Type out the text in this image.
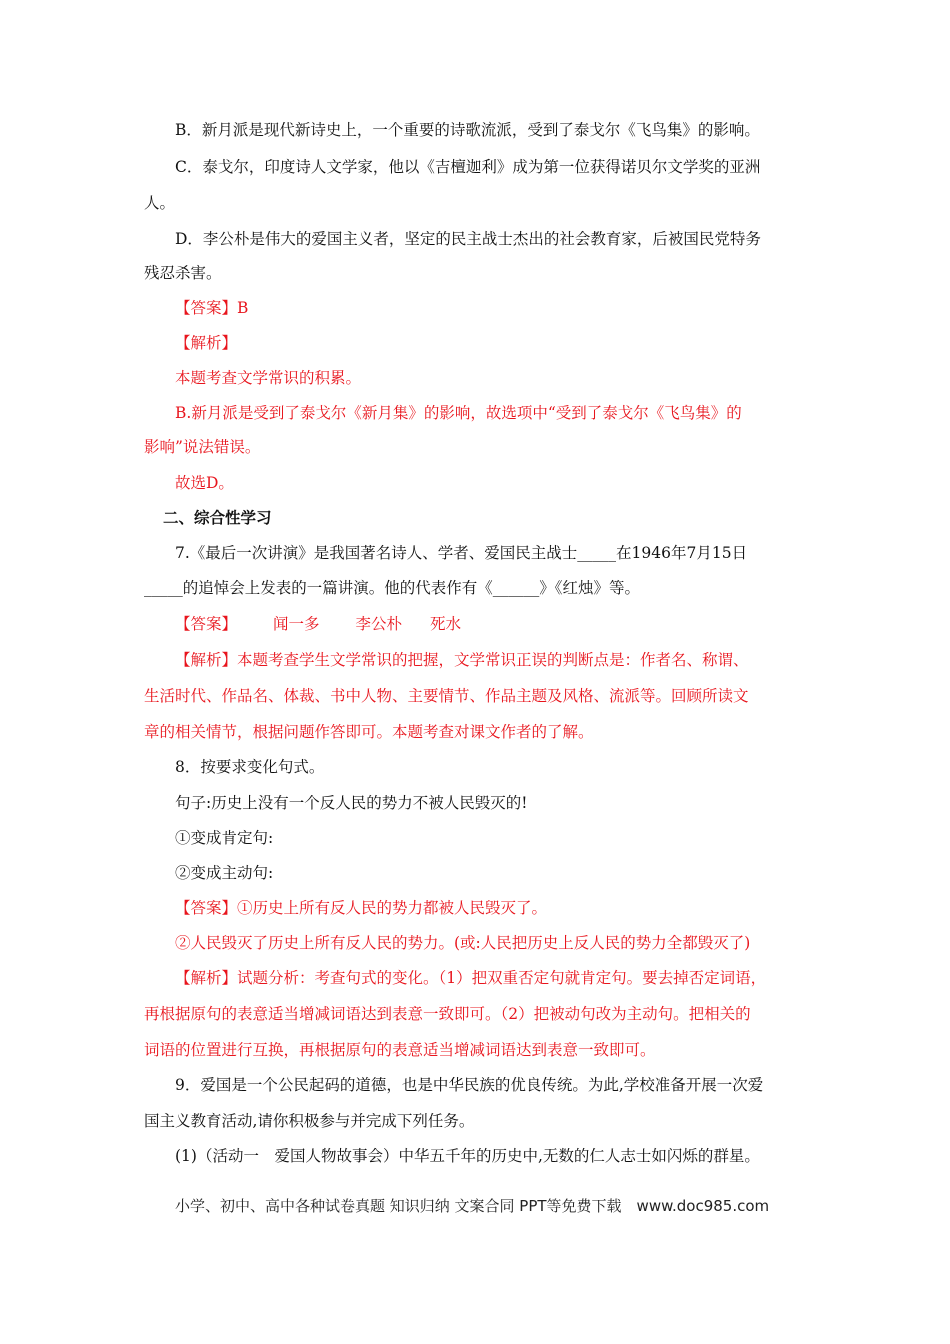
B．新月派是现代新诗史上，一个重要的诗歌流派，受到了泰戈尔《飞鸟集》的影响。
C．泰戈尔，印度诗人文学家，他以《吉檀迦利》成为第一位获得诺贝尔文学奖的亚洲
人。
D．李公朴是伟大的爱国主义者，坚定的民主战士杰出的社会教育家，后被国民党特务
残忍杀害。
【答案】B
【解析】
本题考查文学常识的积累。
B.新月派是受到了泰戈尔《新月集》的影响，故选项中“受到了泰戈尔《飞鸟集》的
影响”说法错误。
故选D。
二、综合性学习
7.《最后一次讲演》是我国著名诗人、学者、爱国民主战士_____在1946年7月15日
_____的追悼会上发表的一篇讲演。他的代表作有《______》《红烛》等。
【答案】 闻一多 李公朴 死水
【解析】本题考查学生文学常识的把握，文学常识正误的判断点是：作者名、称谓、
生活时代、作品名、体裁、书中人物、主要情节、作品主题及风格、流派等。回顾所读文
章的相关情节，根据问题作答即可。本题考查对课文作者的了解。
8．按要求变化句式。
句子:历史上没有一个反人民的势力不被人民毁灭的!
①变成肯定句:
②变成主动句:
【答案】①历史上所有反人民的势力都被人民毁灭了。
②人民毁灭了历史上所有反人民的势力。(或:人民把历史上反人民的势力全都毁灭了)
【解析】试题分析：考查句式的变化。（1）把双重否定句就肯定句。要去掉否定词语，
再根据原句的表意适当增减词语达到表意一致即可。（2）把被动句改为主动句。把相关的
词语的位置进行互换，再根据原句的表意适当增减词语达到表意一致即可。
9．爱国是一个公民起码的道德，也是中华民族的优良传统。为此,学校准备开展一次爱
国主义教育活动,请你积极参与并完成下列任务。
(1)（活动一　爱国人物故事会）中华五千年的历史中,无数的仁人志士如闪烁的群星。
小学、初中、高中各种试卷真题 知识归纳 文案合同 PPT等免费下载　www.doc985.com
